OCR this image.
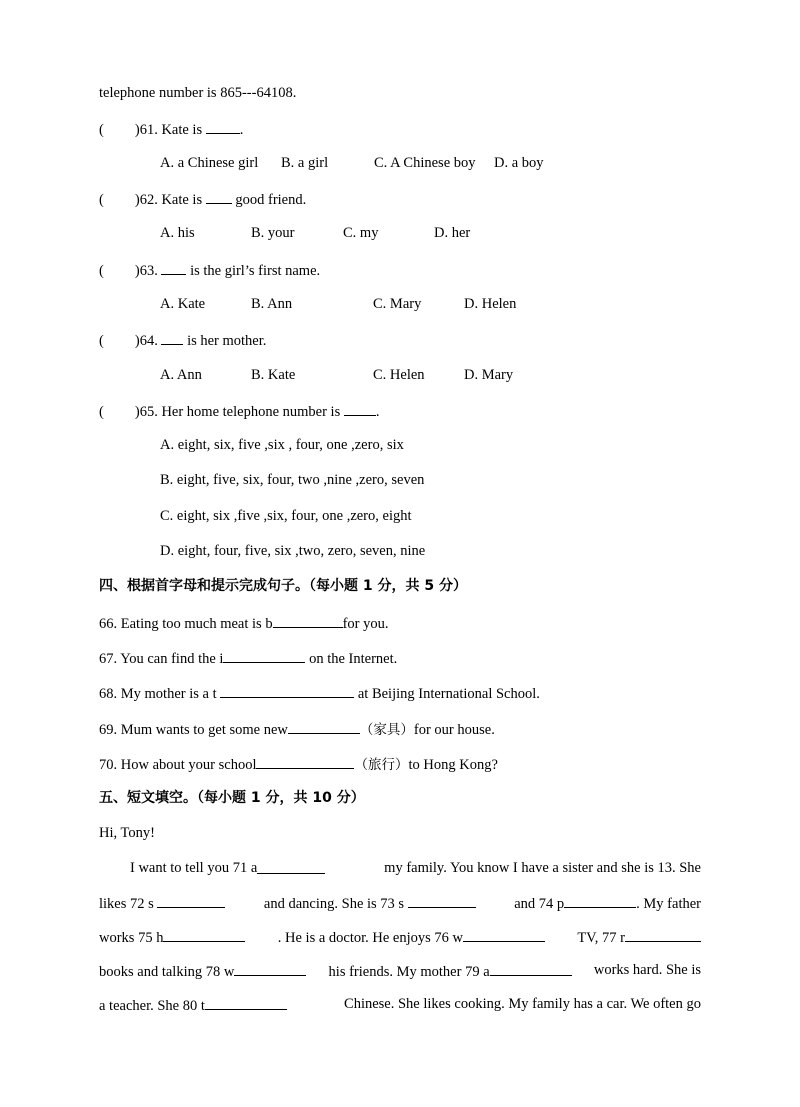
telephone number is 865---64108.
( )61. Kate is .
A. a Chinese girl B. a girl	C. A Chinese boy D. a boy
( )62. Kate is  good friend.
A. his	B. your	C. my	D. her
( )63.  is the girl’s first name.
A. Kate	B. Ann	C. Mary	D. Helen
( )64.  is her mother.
A. Ann	B. Kate	C. Helen	D. Mary
( )65. Her home telephone number is .
A. eight, six, five ,six , four, one ,zero, six
B. eight, five, six, four, two ,nine ,zero, seven
C. eight, six ,five ,six, four, one ,zero, eight
D. eight, four, five, six ,two, zero, seven, nine
四、根据首字母和提示完成句子。（每小题 1 分，共 5 分）
66. Eating too much meat is b	for you.
67. You can find the i	on the Internet.
68. My mother is a t	at Beijing International School.
69. Mum wants to get some new	（家具）for our house.
70. How about your school	（旅行）to Hong Kong?
五、短文填空。（每小题 1 分，共 10 分）
Hi, Tony!
I want to tell you 71 a	my family. You know I have a sister and she is 13. She
likes 72 s	and dancing. She is 73 s	and 74 p	. My father
works 75 h	. He is a doctor. He enjoys 76 w	TV, 77 r
books and talking 78 w	his friends. My mother 79 a	works hard. She is
a teacher. She 80 t	Chinese. She likes cooking. My family has a car. We often go
